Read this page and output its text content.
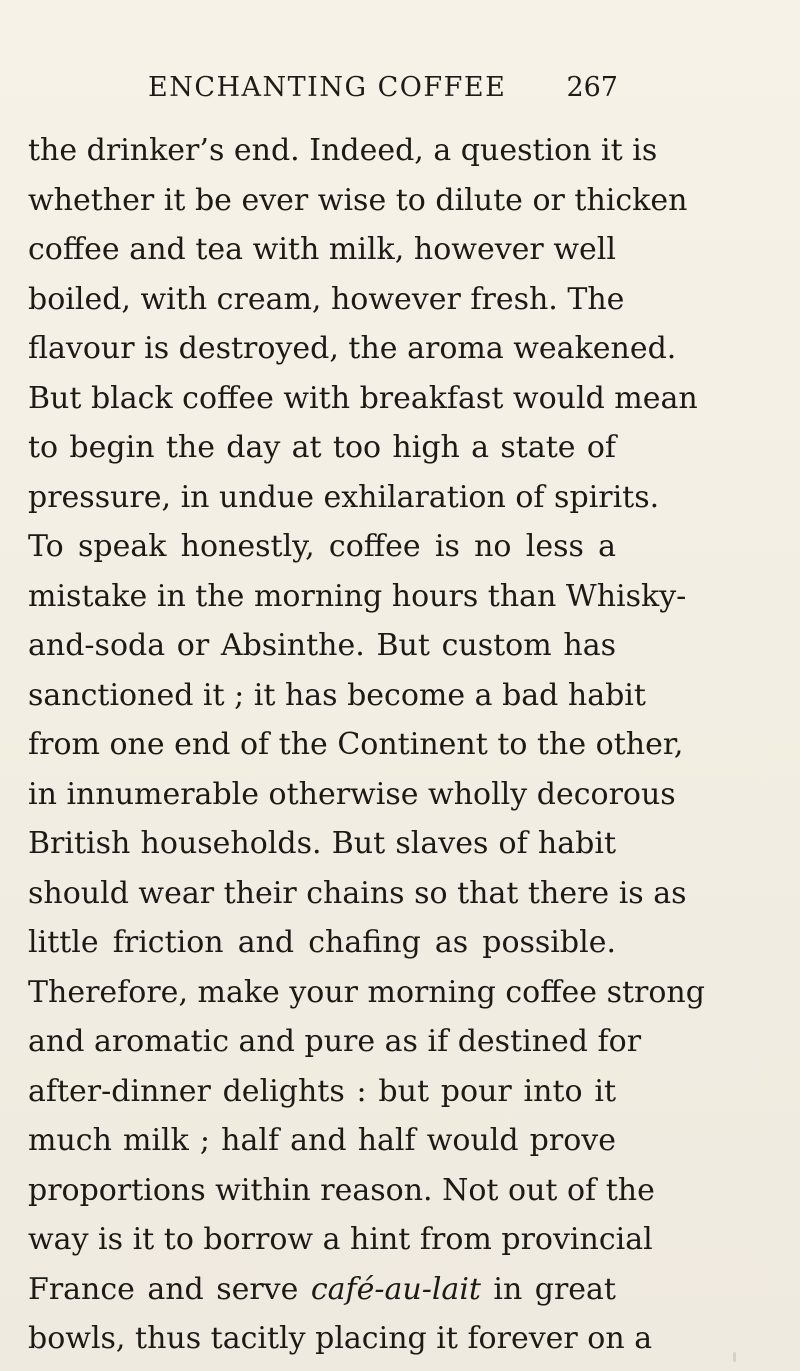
ENCHANTING COFFEE 267
the drinker’s end. Indeed, a question it is
whether it be ever wise to dilute or thicken
coffee and tea with milk, however well
boiled, with cream, however fresh. The
flavour is destroyed, the aroma weakened.
But black coffee with breakfast would mean
to begin the day at too high a state of
pressure, in undue exhilaration of spirits.
To speak honestly, coffee is no less a
mistake in the morning hours than Whisky-
and-soda or Absinthe. But custom has
sanctioned it ; it has become a bad habit
from one end of the Continent to the other,
in innumerable otherwise wholly decorous
British households. But slaves of habit
should wear their chains so that there is as
little friction and chafing as possible.
Therefore, make your morning coffee strong
and aromatic and pure as if destined for
after-dinner delights : but pour into it
much milk ; half and half would prove
proportions within reason. Not out of the
way is it to borrow a hint from provincial
France and serve café-au-lait in great
bowls, thus tacitly placing it forever on a
